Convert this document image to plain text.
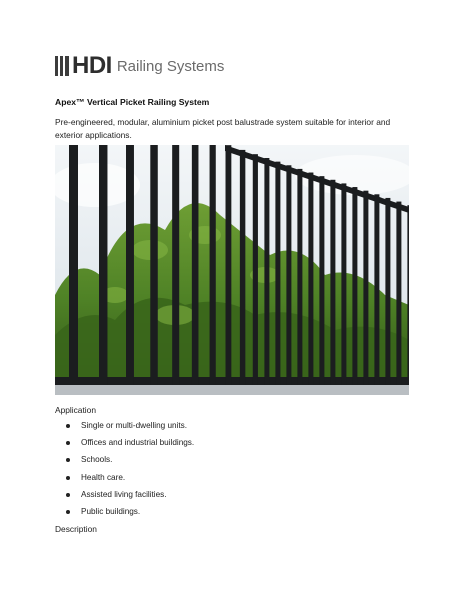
HDI Railing Systems
Apex™ Vertical Picket Railing System
Pre-engineered, modular, aluminium picket post balustrade system suitable for interior and exterior applications.
Application
Single or multi-dwelling units.
Offices and industrial buildings.
Schools.
Health care.
Assisted living facilities.
Public buildings.
Description
